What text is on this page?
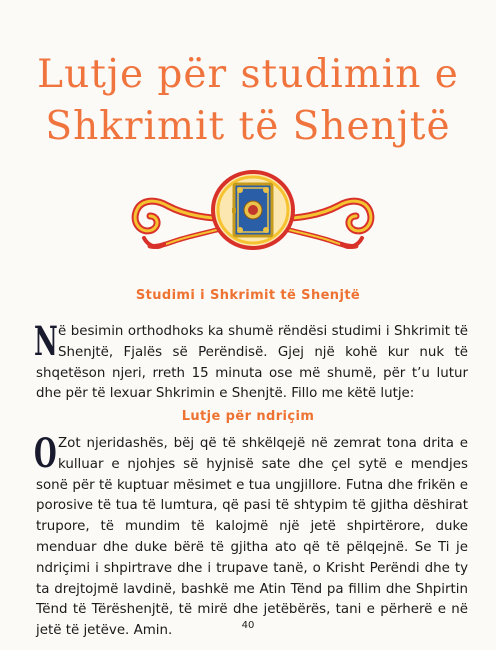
Lutje për studimin e
Shkrimit të Shenjtë
Studimi i Shkrimit të Shenjtë

Në besimin orthodhoks ka shumë rëndësi studimi i Shkrimit të Shenjtë, Fjalës së Perëndisë. Gjej një kohë kur nuk të shqetëson njeri, rreth 15 minuta ose më shumë, për t’u lutur dhe për të lexuar Shkrimin e Shenjtë. Fillo me këtë lutje:

Lutje për ndriçim

O Zot njeridashës, bëj që të shkëlqejë në zemrat tona drita e kulluar e njohjes së hyjnisë sate dhe çel sytë e mendjes sonë për të kuptuar mësimet e tua ungjillore. Futna dhe frikën e porosive të tua të lumtura, që pasi të shtypim të gjitha dëshirat trupore, të mundim të kalojmë një jetë shpirtërore, duke menduar dhe duke bërë të gjitha ato që të pëlqejnë. Se Ti je ndriçimi i shpirtrave dhe i trupave tanë, o Krisht Perëndi dhe ty ta drejtojmë lavdinë, bashkë me Atin Tënd pa fillim dhe Shpirtin Tënd të Tërëshenjtë, të mirë dhe jetëbërës, tani e përherë e në jetë të jetëve. Amin.	40
